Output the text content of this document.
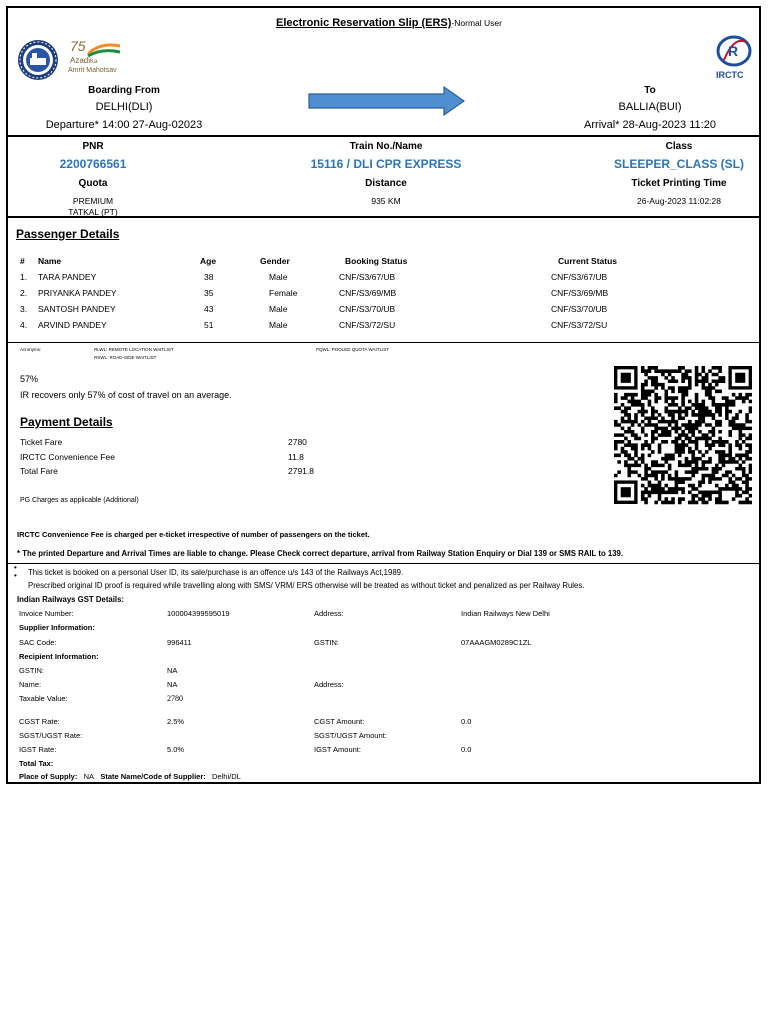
Electronic Reservation Slip (ERS)-Normal User
75
Azadi Ka
Amrit Mahotsav
R
IRCTC
Boarding From
DELHI(DLI)
Departure* 14:00 27-Aug-02023
To
BALLIA(BUI)
Arrival* 28-Aug-2023 11:20
PNR
2200766561
Quota
PREMIUM
TATKAL (PT)
Train No./Name
15116 / DLI CPR EXPRESS
Distance
935 KM
Class
SLEEPER_CLASS (SL)
Ticket Printing Time
26-Aug-2023 11:02:28
Passenger Details
# Name	Age	Gender	Booking Status	Current Status
1. TARA PANDEY	38	Male	CNF/S3/67/UB	CNF/S3/67/UB
2. PRIYANKA PANDEY	35	Female	CNF/S3/69/MB	CNF/S3/69/MB
3. SANTOSH PANDEY	43	Male	CNF/S3/70/UB	CNF/S3/70/UB
4. ARVIND PANDEY	51	Male	CNF/S3/72/SU	CNF/S3/72/SU
Acronyms:	RLWL: REMOTE LOCATION WAITLIST
RSWL: ROAD-SIDE WAITLIST
PQWL: POOLED QUOTA WAITLIST
57%
IR recovers only 57% of cost of travel on an average.
Payment Details
Ticket Fare	2780
IRCTC Convenience Fee	11.8
Total Fare	2791.8
PG Charges as applicable (Additional)
IRCTC Convenience Fee is charged per e-ticket irrespective of number of passengers on the ticket.
* The printed Departure and Arrival Times are liable to change. Please Check correct departure, arrival from Railway Station Enquiry or Dial 139 or SMS RAIL to 139.
•
• This ticket is booked on a personal User ID, its sale/purchase is an offence u/s 143 of the Railways Act,1989.
Prescribed original ID proof is required while travelling along with SMS/ VRM/ ERS otherwise will be treated as without ticket and penalized as per Railway Rules.
Indian Railways GST Details:
Invoice Number:	100004399595019	Address:	Indian Railways New Delhi
Supplier Information:
SAC Code:	996411	GSTIN:	07AAAGM0289C1ZL
Recipient Information:
GSTIN:	NA
Name:	NA	Address:
Taxable Value:	2780
CGST Rate:	2.5%	CGST Amount:	0.0
SGST/UGST Rate:	SGST/UGST Amount:
IGST Rate:	5.0%	IGST Amount:	0.0
Total Tax:
Place of Supply: NA State Name/Code of Supplier: Delhi/DL
